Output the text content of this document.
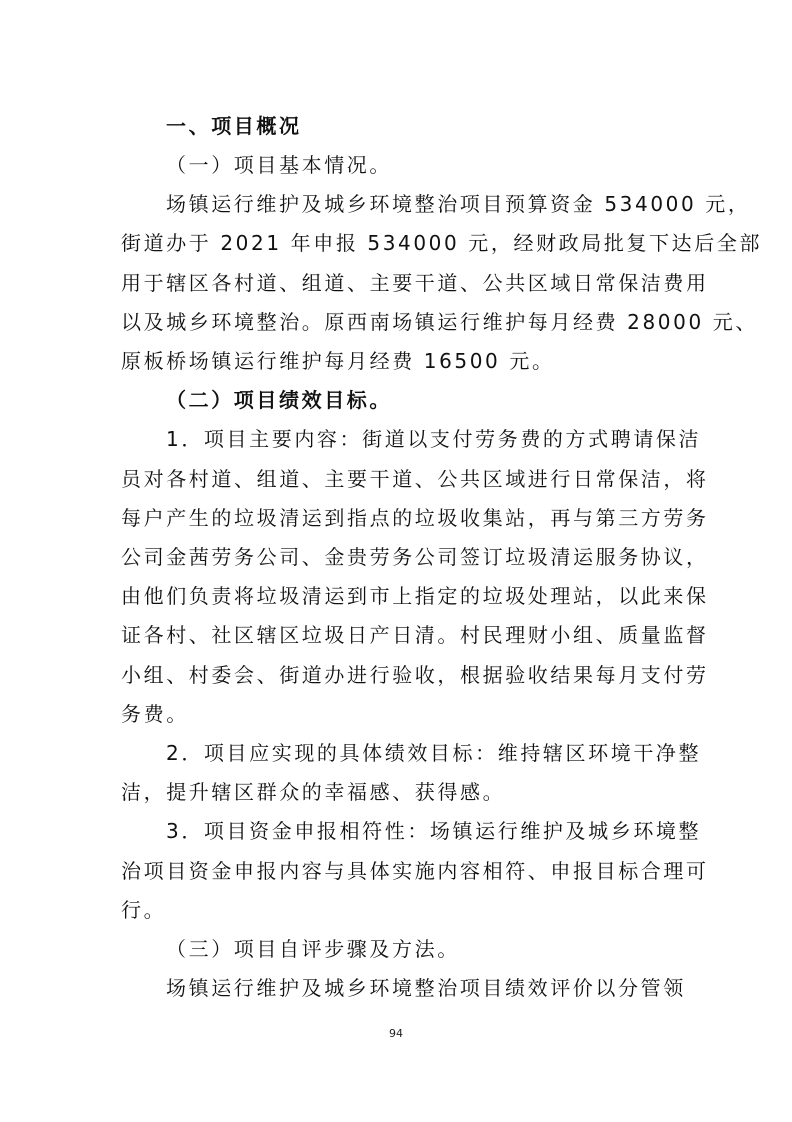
一、项目概况
（一）项目基本情况。
场镇运行维护及城乡环境整治项目预算资金 534000 元，
街道办于 2021 年申报 534000 元，经财政局批复下达后全部
用于辖区各村道、组道、主要干道、公共区域日常保洁费用
以及城乡环境整治。原西南场镇运行维护每月经费 28000 元、
原板桥场镇运行维护每月经费 16500 元。
（二）项目绩效目标。
1．项目主要内容：街道以支付劳务费的方式聘请保洁
员对各村道、组道、主要干道、公共区域进行日常保洁，将
每户产生的垃圾清运到指点的垃圾收集站，再与第三方劳务
公司金茜劳务公司、金贵劳务公司签订垃圾清运服务协议，
由他们负责将垃圾清运到市上指定的垃圾处理站，以此来保
证各村、社区辖区垃圾日产日清。村民理财小组、质量监督
小组、村委会、街道办进行验收，根据验收结果每月支付劳
务费。
2．项目应实现的具体绩效目标：维持辖区环境干净整
洁，提升辖区群众的幸福感、获得感。
3．项目资金申报相符性：场镇运行维护及城乡环境整
治项目资金申报内容与具体实施内容相符、申报目标合理可
行。
（三）项目自评步骤及方法。
场镇运行维护及城乡环境整治项目绩效评价以分管领
94
